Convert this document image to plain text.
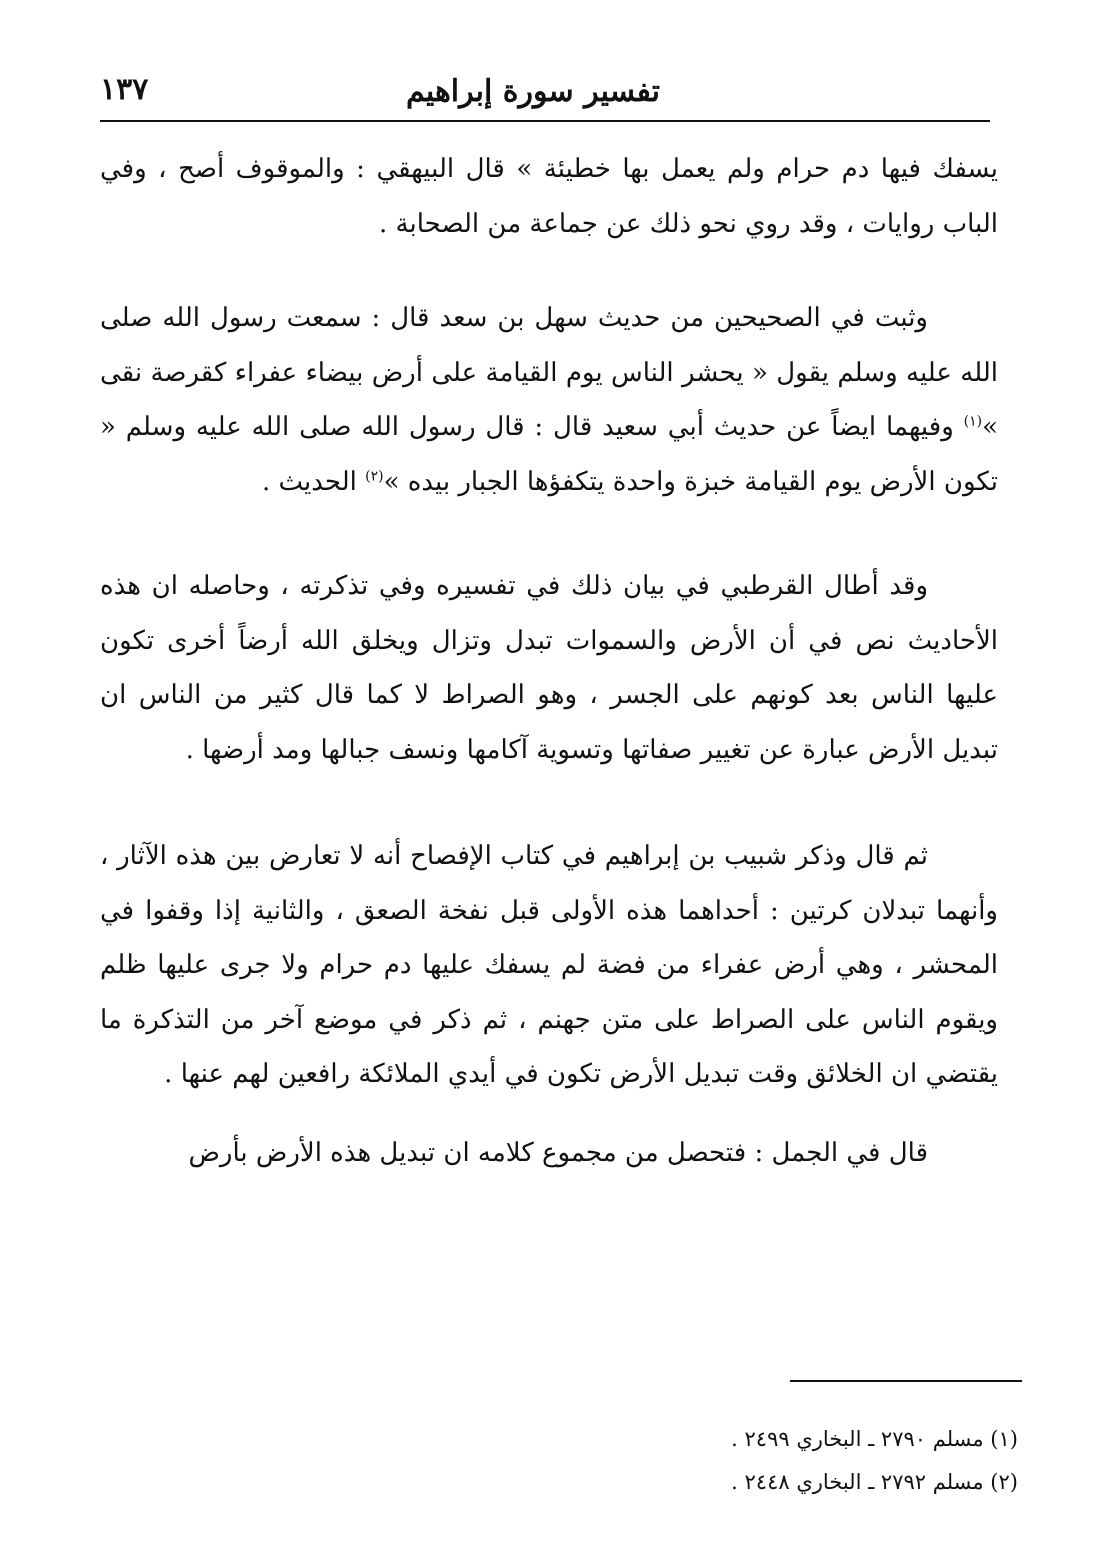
تفسير سورة إبراهيم
١٣٧

يسفك فيها دم حرام ولم يعمل بها خطيئة » قال البيهقي : والموقوف أصح ، وفي الباب روايات ، وقد روي نحو ذلك عن جماعة من الصحابة .

وثبت في الصحيحين من حديث سهل بن سعد قال : سمعت رسول الله صلى الله عليه وسلم يقول « يحشر الناس يوم القيامة على أرض بيضاء عفراء كقرصة نقى »$^{(١)}$ وفيهما ايضاً عن حديث أبي سعيد قال : قال رسول الله صلى الله عليه وسلم « تكون الأرض يوم القيامة خبزة واحدة يتكفؤها الجبار بيده »$^{(٢)}$ الحديث .

وقد أطال القرطبي في بيان ذلك في تفسيره وفي تذكرته ، وحاصله ان هذه الأحاديث نص في أن الأرض والسموات تبدل وتزال ويخلق الله أرضاً أخرى تكون عليها الناس بعد كونهم على الجسر ، وهو الصراط لا كما قال كثير من الناس ان تبديل الأرض عبارة عن تغيير صفاتها وتسوية آكامها ونسف جبالها ومد أرضها .

ثم قال وذكر شبيب بن إبراهيم في كتاب الإفصاح أنه لا تعارض بين هذه الآثار ، وأنهما تبدلان كرتين : أحداهما هذه الأولى قبل نفخة الصعق ، والثانية إذا وقفوا في المحشر ، وهي أرض عفراء من فضة لم يسفك عليها دم حرام ولا جرى عليها ظلم ويقوم الناس على الصراط على متن جهنم ، ثم ذكر في موضع آخر من التذكرة ما يقتضي ان الخلائق وقت تبديل الأرض تكون في أيدي الملائكة رافعين لهم عنها .

قال في الجمل : فتحصل من مجموع كلامه ان تبديل هذه الأرض بأرض

(١) مسلم ٢٧٩٠ ـ البخاري ٢٤٩٩ .

(٢) مسلم ٢٧٩٢ ـ البخاري ٢٤٤٨ .
